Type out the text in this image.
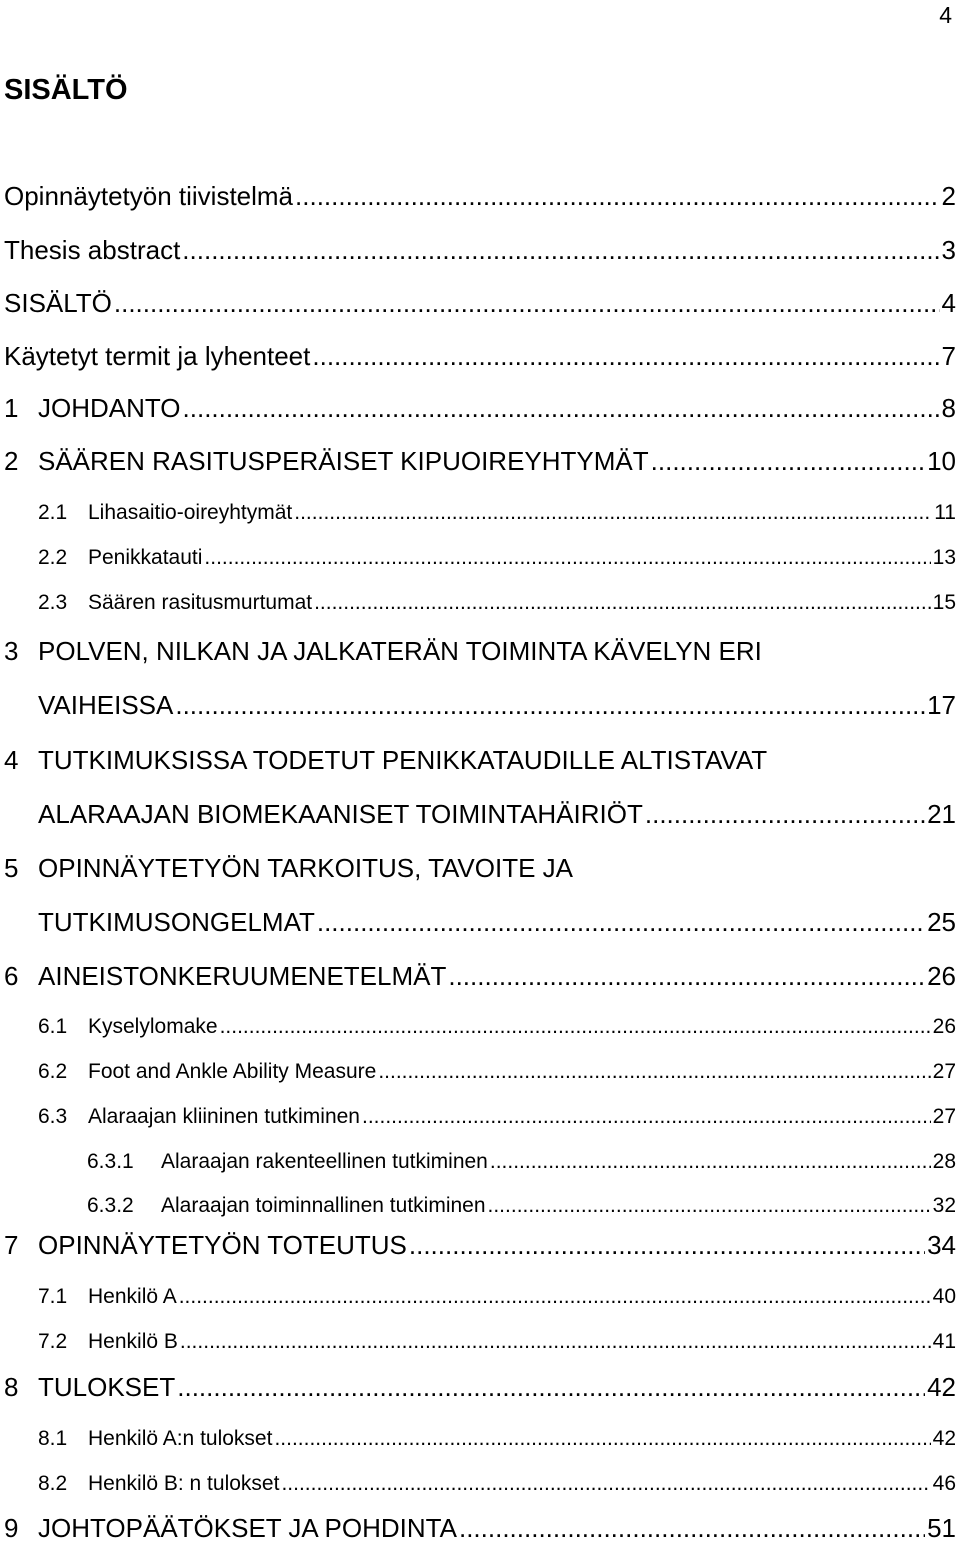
4
SISÄLTÖ
Opinnäytetyön tiivistelmä .....	2
Thesis abstract .....	3
SISÄLTÖ .....	4
Käytetyt termit ja lyhenteet .....	7
1 JOHDANTO .....	8
2 SÄÄREN RASITUSPERÄISET KIPUOIREYHTYMÄT .....	10
2.1 Lihasaitio-oireyhtymät .....	11
2.2 Penikkatauti .....	13
2.3 Säären rasitusmurtumat .....	15
3 POLVEN, NILKAN JA JALKATERÄN TOIMINTA KÄVELYN ERI
VAIHEISSA .....	17
4 TUTKIMUKSISSA TODETUT PENIKKATAUDILLE ALTISTAVAT
ALARAAJAN BIOMEKAANISET TOIMINTAHÄIRIÖT .....	21
5 OPINNÄYTETYÖN TARKOITUS, TAVOITE JA
TUTKIMUSONGELMAT .....	25
6 AINEISTONKERUUMENETELMÄT .....	26
6.1 Kyselylomake .....	26
6.2 Foot and Ankle Ability Measure .....	27
6.3 Alaraajan kliininen tutkiminen .....	27
6.3.1	Alaraajan rakenteellinen tutkiminen .....	28
6.3.2	Alaraajan toiminnallinen tutkiminen .....	32
7 OPINNÄYTETYÖN TOTEUTUS .....	34
7.1 Henkilö A .....	40
7.2 Henkilö B .....	41
8 TULOKSET .....	42
8.1 Henkilö A:n tulokset .....	42
8.2 Henkilö B: n tulokset .....	46
9 JOHTOPÄÄTÖKSET JA POHDINTA .....	51
